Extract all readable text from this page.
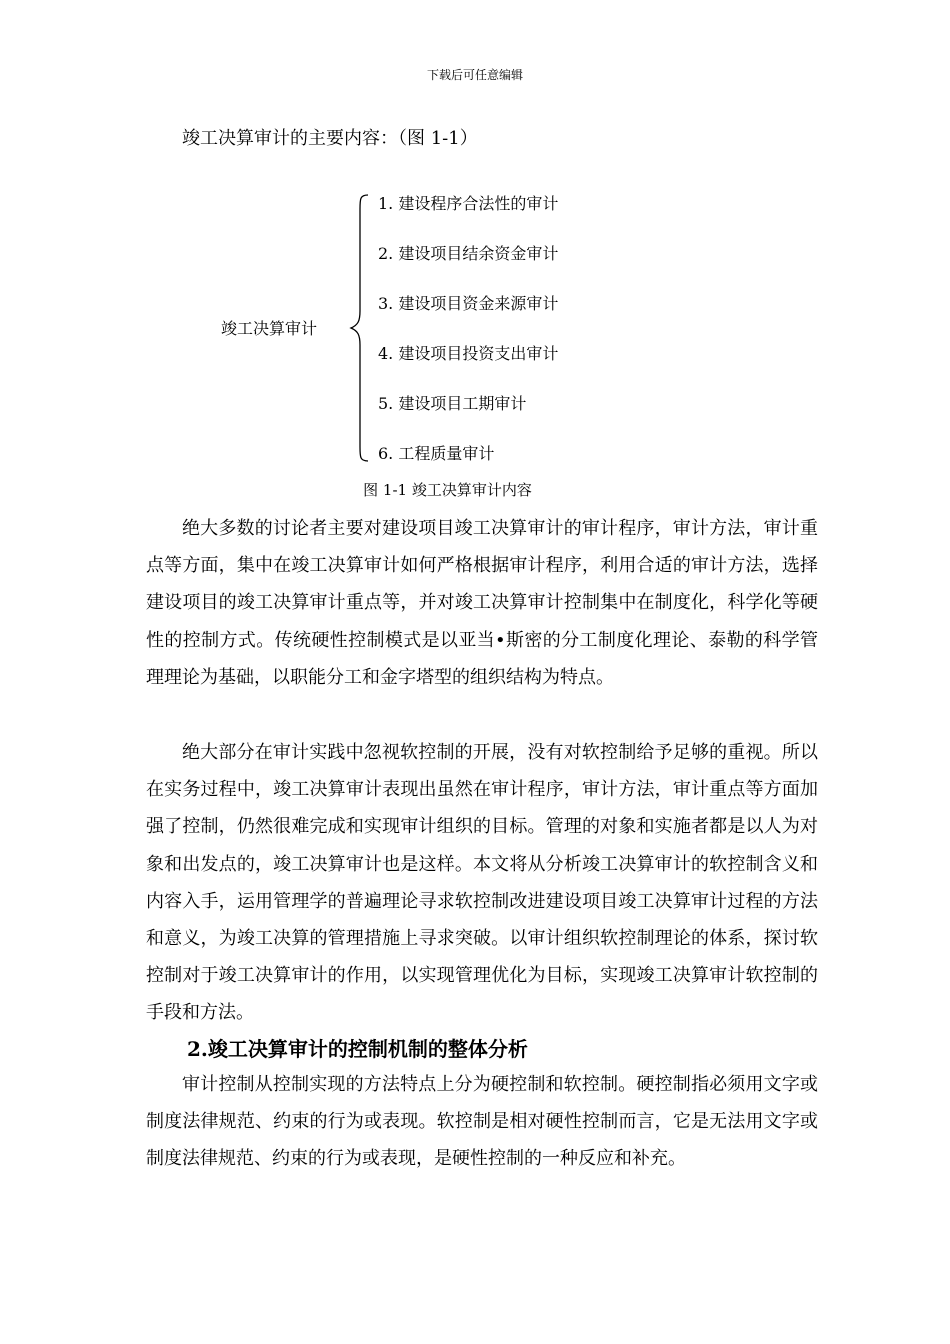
下载后可任意编辑
竣工决算审计的主要内容：（图 1-1）
竣工决算审计
1. 建设程序合法性的审计
2. 建设项目结余资金审计
3. 建设项目资金来源审计
4. 建设项目投资支出审计
5. 建设项目工期审计
6. 工程质量审计
图 1-1 竣工决算审计内容

绝大多数的讨论者主要对建设项目竣工决算审计的审计程序，审计方法，审计重点等方面，集中在竣工决算审计如何严格根据审计程序，利用合适的审计方法，选择建设项目的竣工决算审计重点等，并对竣工决算审计控制集中在制度化，科学化等硬性的控制方式。传统硬性控制模式是以亚当•斯密的分工制度化理论、泰勒的科学管理理论为基础，以职能分工和金字塔型的组织结构为特点。

绝大部分在审计实践中忽视软控制的开展，没有对软控制给予足够的重视。所以在实务过程中，竣工决算审计表现出虽然在审计程序，审计方法，审计重点等方面加强了控制，仍然很难完成和实现审计组织的目标。管理的对象和实施者都是以人为对象和出发点的，竣工决算审计也是这样。本文将从分析竣工决算审计的软控制含义和内容入手，运用管理学的普遍理论寻求软控制改进建设项目竣工决算审计过程的方法和意义，为竣工决算的管理措施上寻求突破。以审计组织软控制理论的体系，探讨软控制对于竣工决算审计的作用，以实现管理优化为目标，实现竣工决算审计软控制的手段和方法。

2.竣工决算审计的控制机制的整体分析

审计控制从控制实现的方法特点上分为硬控制和软控制。硬控制指必须用文字或制度法律规范、约束的行为或表现。软控制是相对硬性控制而言，它是无法用文字或制度法律规范、约束的行为或表现，是硬性控制的一种反应和补充。
